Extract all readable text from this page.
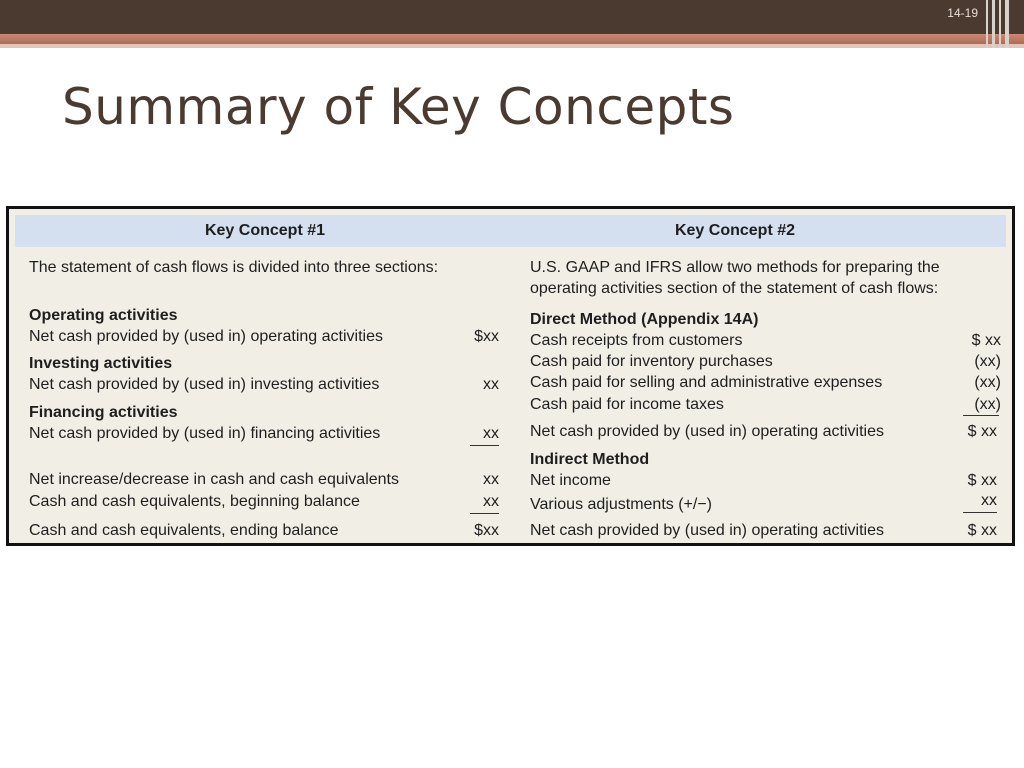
14-19
Summary of Key Concepts
Key Concept #1	Key Concept #2
The statement of cash flows is divided into three sections:
Operating activities
Net cash provided by (used in) operating activities	$xx
Investing activities
Net cash provided by (used in) investing activities	xx
Financing activities
Net cash provided by (used in) financing activities	xx
Net increase/decrease in cash and cash equivalents	xx
Cash and cash equivalents, beginning balance	xx
Cash and cash equivalents, ending balance	$xx
U.S. GAAP and IFRS allow two methods for preparing the
operating activities section of the statement of cash flows:
Direct Method (Appendix 14A)
Cash receipts from customers	$ xx
Cash paid for inventory purchases	(xx)
Cash paid for selling and administrative expenses	(xx)
Cash paid for income taxes	(xx)
Net cash provided by (used in) operating activities	$ xx
Indirect Method
Net income	$ xx
Various adjustments (+/−)	xx
Net cash provided by (used in) operating activities	$ xx
